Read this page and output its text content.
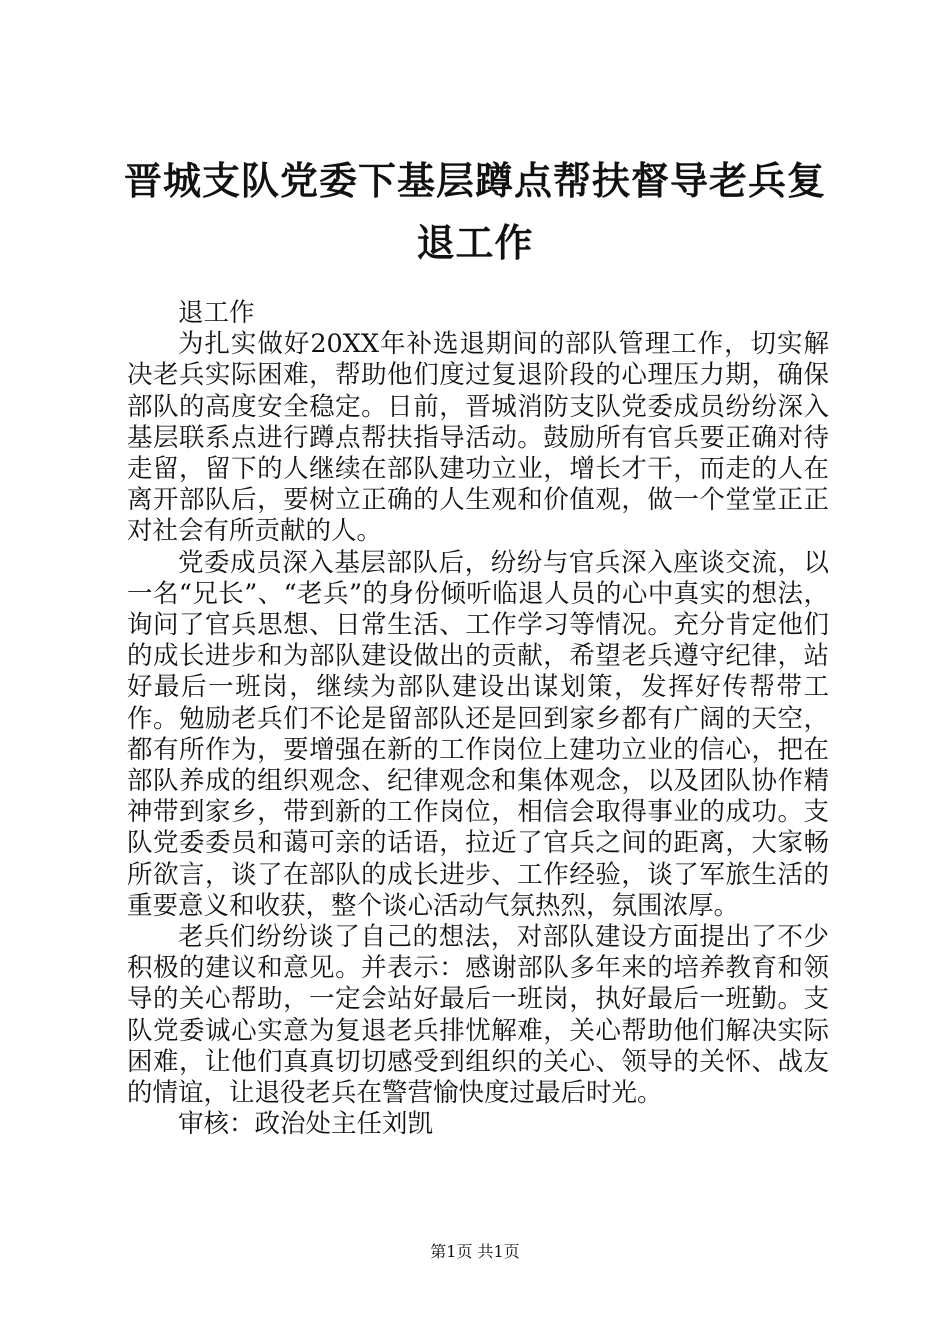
晋城支队党委下基层蹲点帮扶督导老兵复退工作

退工作

为扎实做好20XX年补选退期间的部队管理工作，切实解决老兵实际困难，帮助他们度过复退阶段的心理压力期，确保部队的高度安全稳定。日前，晋城消防支队党委成员纷纷深入基层联系点进行蹲点帮扶指导活动。鼓励所有官兵要正确对待走留，留下的人继续在部队建功立业，增长才干，而走的人在离开部队后，要树立正确的人生观和价值观，做一个堂堂正正对社会有所贡献的人。

党委成员深入基层部队后，纷纷与官兵深入座谈交流，以一名“兄长”、“老兵”的身份倾听临退人员的心中真实的想法，询问了官兵思想、日常生活、工作学习等情况。充分肯定他们的成长进步和为部队建设做出的贡献，希望老兵遵守纪律，站好最后一班岗，继续为部队建设出谋划策，发挥好传帮带工作。勉励老兵们不论是留部队还是回到家乡都有广阔的天空，都有所作为，要增强在新的工作岗位上建功立业的信心，把在部队养成的组织观念、纪律观念和集体观念，以及团队协作精神带到家乡，带到新的工作岗位，相信会取得事业的成功。支队党委委员和蔼可亲的话语，拉近了官兵之间的距离，大家畅所欲言，谈了在部队的成长进步、工作经验，谈了军旅生活的重要意义和收获，整个谈心活动气氛热烈，氛围浓厚。

老兵们纷纷谈了自己的想法，对部队建设方面提出了不少积极的建议和意见。并表示：感谢部队多年来的培养教育和领导的关心帮助，一定会站好最后一班岗，执好最后一班勤。支队党委诚心实意为复退老兵排忧解难，关心帮助他们解决实际困难，让他们真真切切感受到组织的关心、领导的关怀、战友的情谊，让退役老兵在警营愉快度过最后时光。

审核：政治处主任刘凯

第1页 共1页
